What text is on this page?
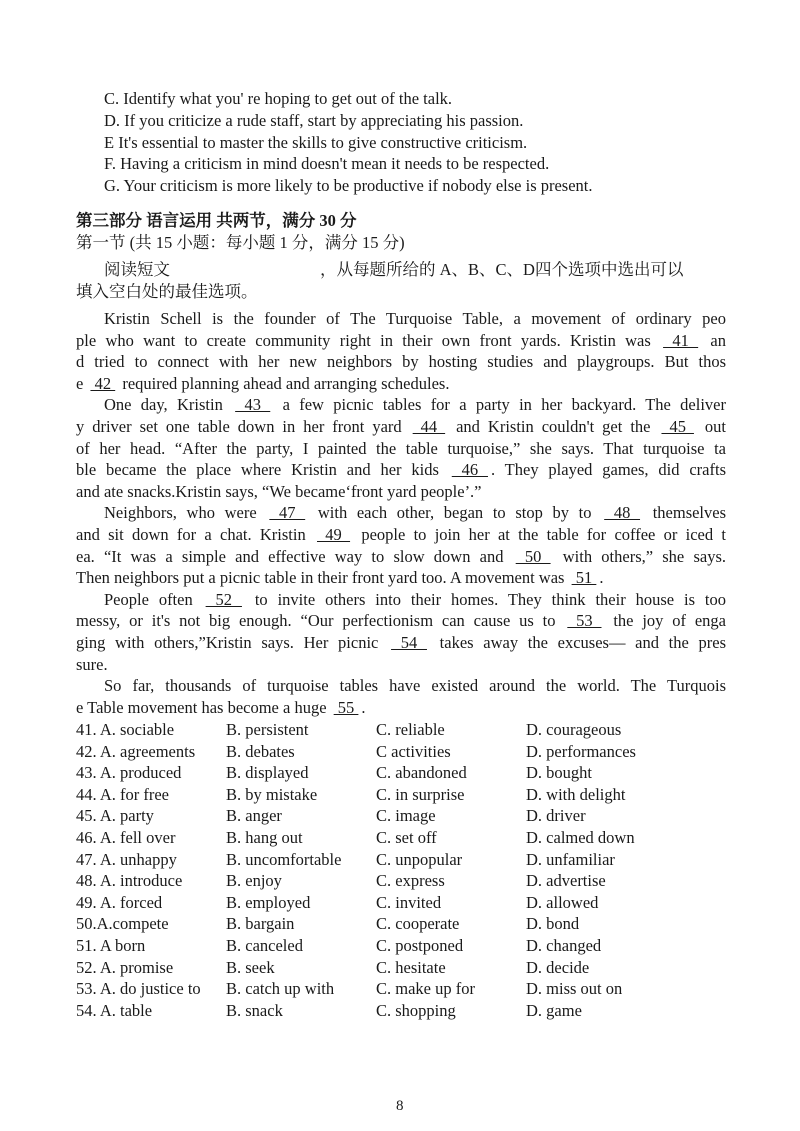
C. Identify what you' re hoping to get out of the talk.
D. If you criticize a rude staff, start by appreciating his passion.
E It's essential to master the skills to give constructive criticism.
F. Having a criticism in mind doesn't mean it needs to be respected.
G. Your criticism is more likely to be productive if nobody else is present.
第三部分 语言运用 共两节，满分 30 分
第一节 (共 15 小题：每小题 1 分，满分 15 分)
阅读短文	，从每题所给的 A、B、C、D四个选项中选出可以
填入空白处的最佳选项。
Kristin Schell is the founder of The Turquoise Table, a movement of ordinary peo
ple who want to create community right in their own front yards. Kristin was  41  an
d tried to connect with her new neighbors by hosting studies and playgroups. But thos
e  42  required planning ahead and arranging schedules.
One day, Kristin  43  a few picnic tables for a party in her backyard. The deliver
y driver set one table down in her front yard  44  and Kristin couldn't get the  45  out
of her head. “After the party, I painted the table turquoise,” she says. That turquoise ta
ble became the place where Kristin and her kids  46 . They played games, did crafts
and ate snacks.Kristin says, “We became‘front yard people’.”
Neighbors, who were  47  with each other, began to stop by to  48  themselves
and sit down for a chat. Kristin  49  people to join her at the table for coffee or iced t
ea. “It was a simple and effective way to slow down and  50  with others,” she says.
Then neighbors put a picnic table in their front yard too. A movement was  51 .
People often  52  to invite others into their homes. They think their house is too
messy, or it's not big enough. “Our perfectionism can cause us to  53  the joy of enga
ging with others,”Kristin says. Her picnic  54  takes away the excuses— and the pres
sure.
So far, thousands of turquoise tables have existed around the world. The Turquois
e Table movement has become a huge  55 .
41. A. sociable	B. persistent	C. reliable	D. courageous
42. A. agreements B. debates	C activities	D. performances
43. A. produced	B. displayed	C. abandoned	D. bought
44. A. for free	B. by mistake	C. in surprise	D. with delight
45. A. party	B. anger	C. image	D. driver
46. A. fell over	B. hang out	C. set off	D. calmed down
47. A. unhappy	B. uncomfortable C. unpopular	D. unfamiliar
48. A. introduce	B. enjoy	C. express	D. advertise
49. A. forced	B. employed	C. invited	D. allowed
50.A.compete	B. bargain	C. cooperate	D. bond
51. A born	B. canceled	C. postponed	D. changed
52. A. promise	B. seek	C. hesitate	D. decide
53. A. do justice to B. catch up with	C. make up for	D. miss out on
54. A. table	B. snack	C. shopping	D. game
8
